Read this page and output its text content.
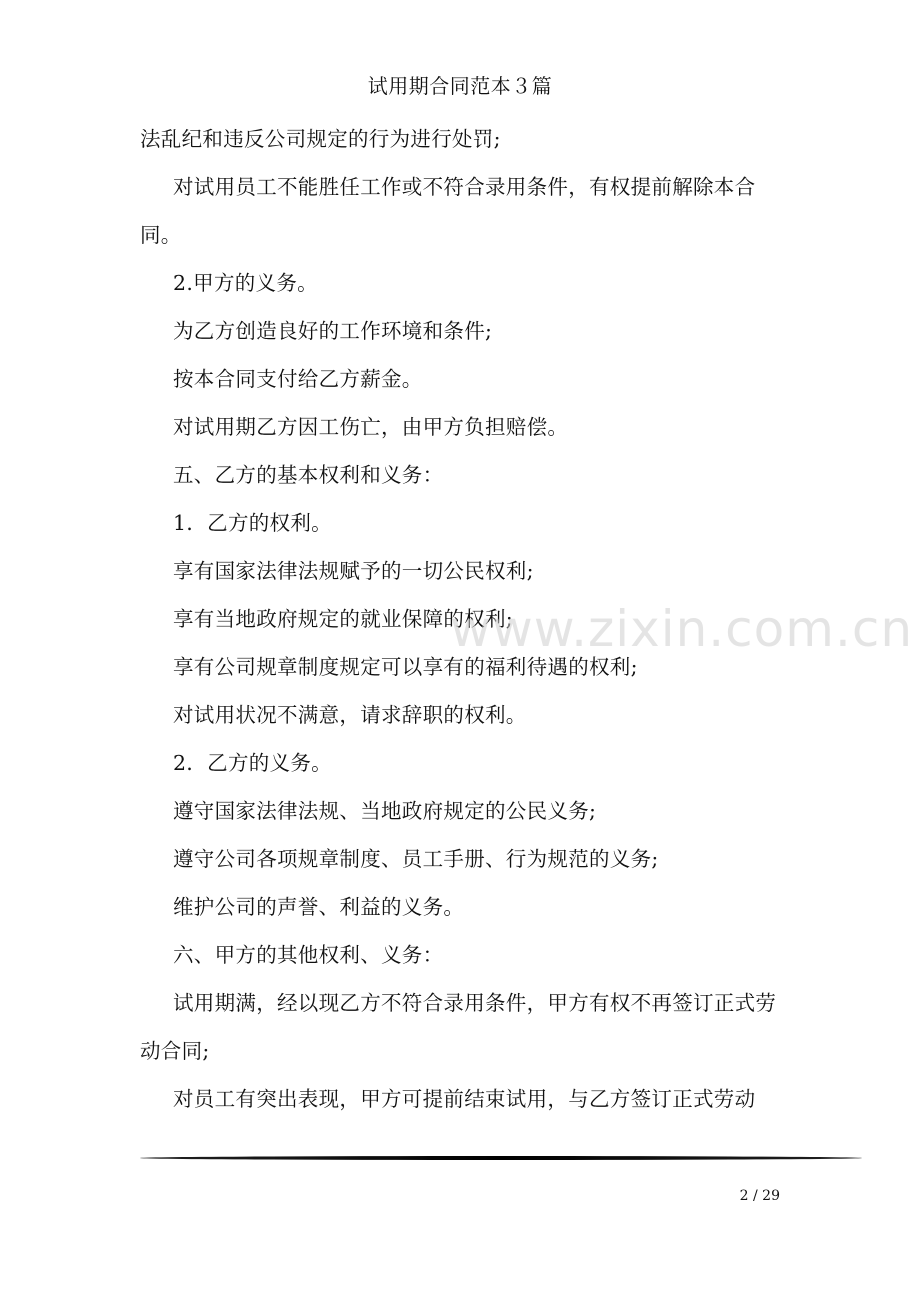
试用期合同范本３篇

法乱纪和违反公司规定的行为进行处罚;

对试用员工不能胜任工作或不符合录用条件，有权提前解除本合同。

2.甲方的义务。

为乙方创造良好的工作环境和条件;

按本合同支付给乙方薪金。

对试用期乙方因工伤亡，由甲方负担赔偿。

五、乙方的基本权利和义务：

1．乙方的权利。

享有国家法律法规赋予的一切公民权利;

享有当地政府规定的就业保障的权利;

享有公司规章制度规定可以享有的福利待遇的权利;

对试用状况不满意，请求辞职的权利。

2．乙方的义务。

遵守国家法律法规、当地政府规定的公民义务;

遵守公司各项规章制度、员工手册、行为规范的义务;

维护公司的声誉、利益的义务。

六、甲方的其他权利、义务：

试用期满，经以现乙方不符合录用条件，甲方有权不再签订正式劳动合同;

对员工有突出表现，甲方可提前结束试用，与乙方签订正式劳动

www.zixin.com.cn
2 / 29
